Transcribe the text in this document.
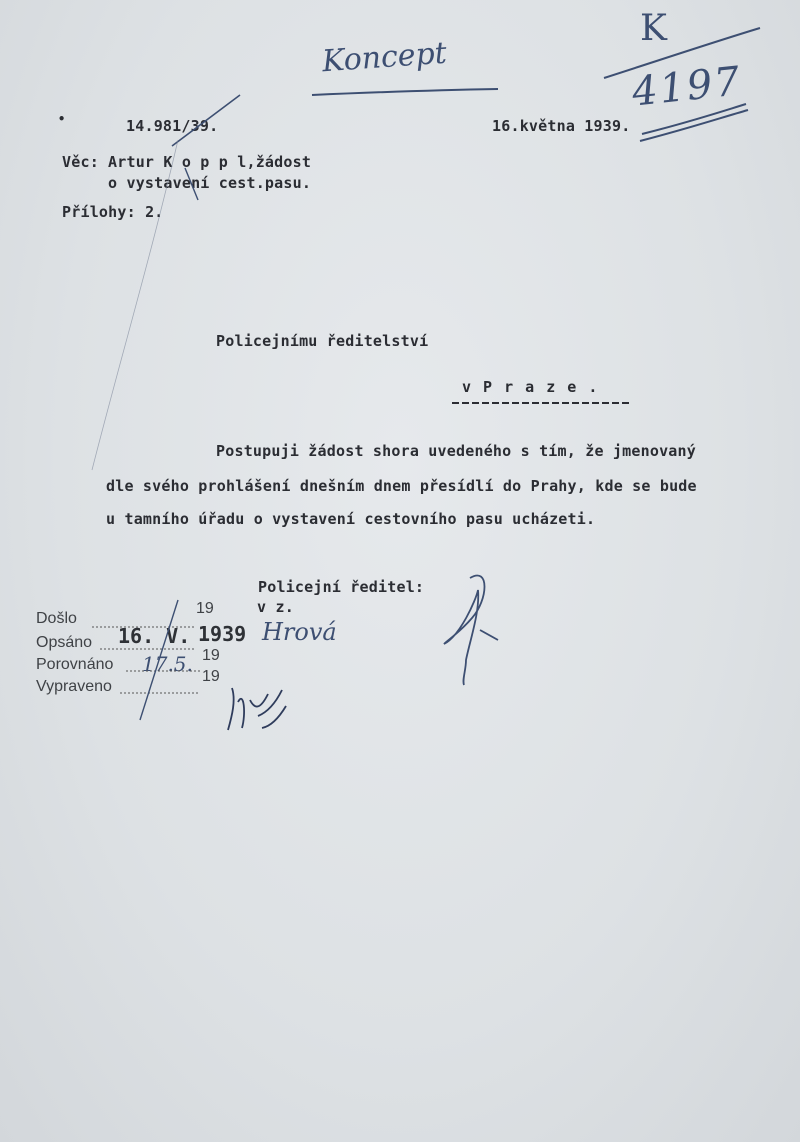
Koncept
K
4197
•	14.981/39.	16.května 1939.
Věc: Artur K o p p l,žádost
o vystavení cest.pasu.
Přílohy: 2.
Policejnímu ředitelství
v P r a z e .
Postupuji žádost shora uvedeného s tím, že jmenovaný
dle svého prohlášení dnešním dnem přesídlí do Prahy, kde se bude
u tamního úřadu o vystavení cestovního pasu ucházeti.
Policejní ředitel:
v z.
Došlo
19
Opsáno 16. V. 1939 Hrová
Porovnáno 17.5. 19
Vypraveno
19
